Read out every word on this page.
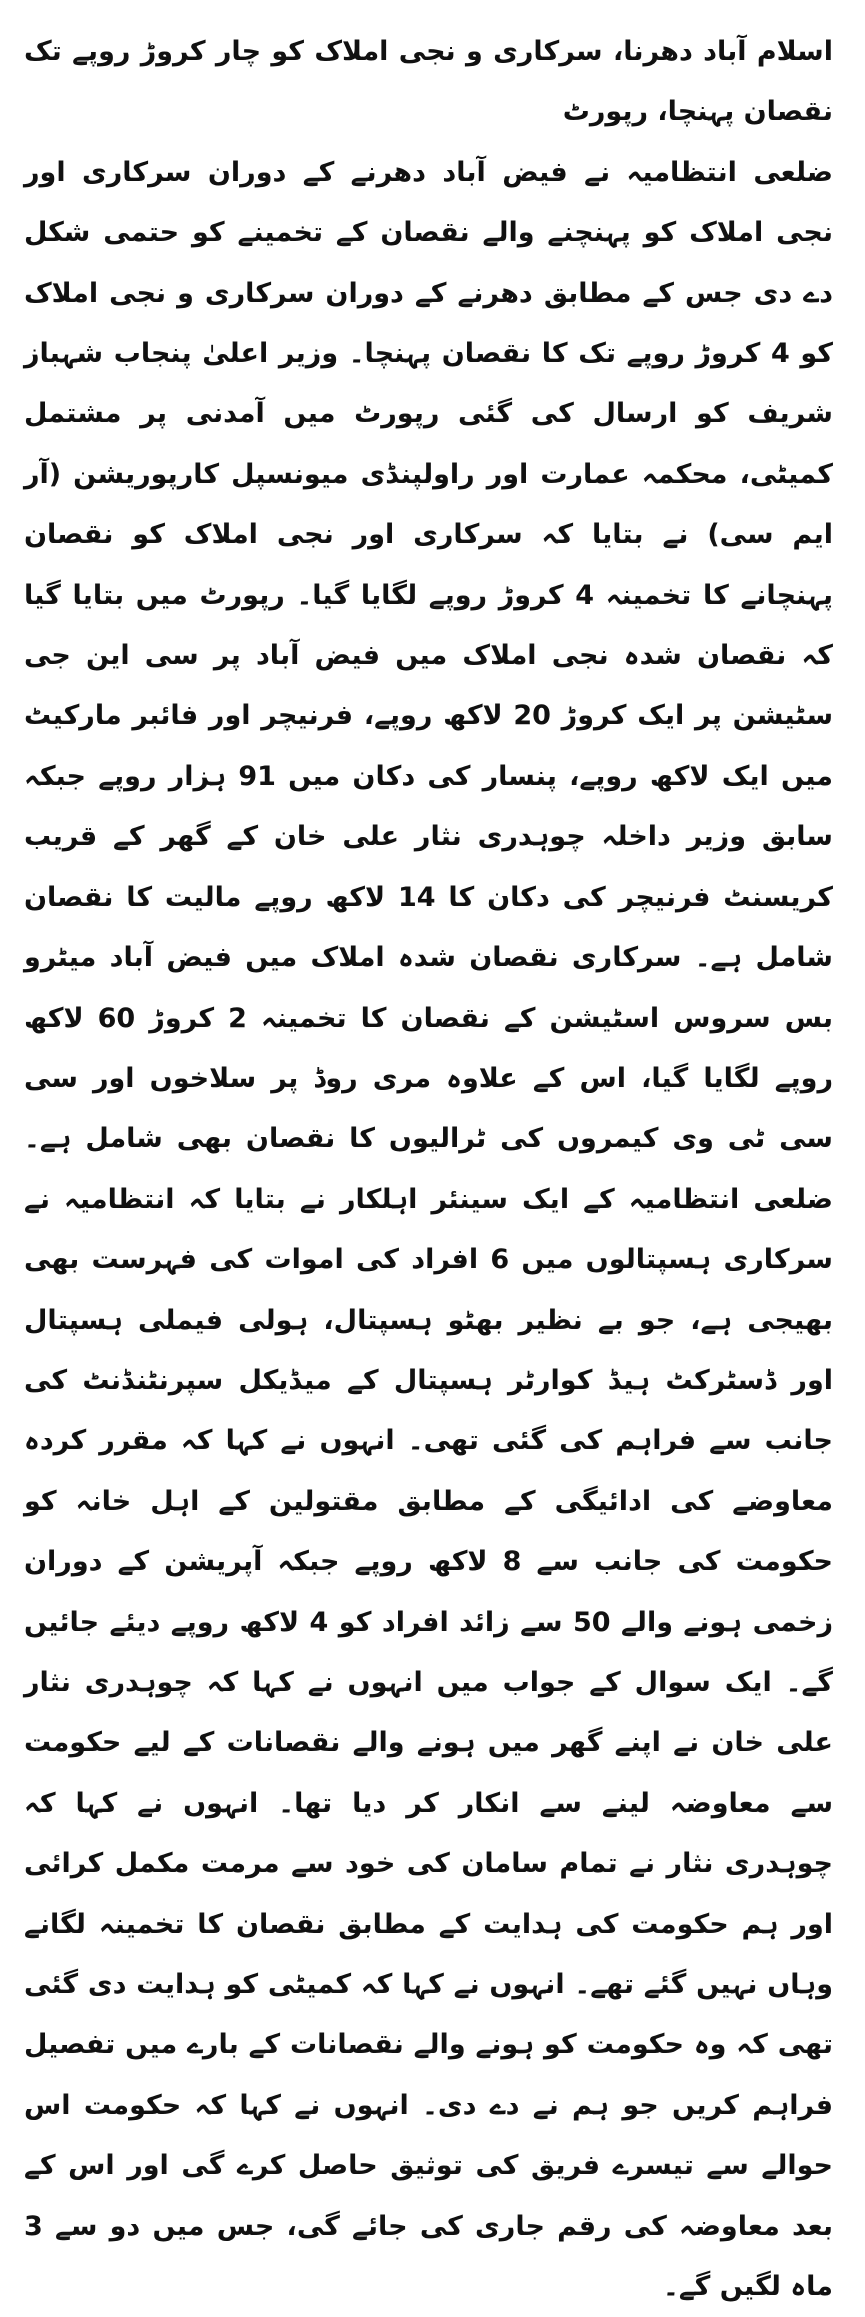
اسلام آباد دھرنا، سرکاری و نجی املاک کو چار کروڑ روپے تک نقصان پہنچا، رپورٹ
ضلعی انتظامیہ نے فیض آباد دھرنے کے دوران سرکاری اور نجی املاک کو پہنچنے والے نقصان کے تخمینے کو حتمی شکل دے دی جس کے مطابق دھرنے کے دوران سرکاری و نجی املاک کو 4 کروڑ روپے تک کا نقصان پہنچا۔ وزیر اعلیٰ پنجاب شہباز شریف کو ارسال کی گئی رپورٹ میں آمدنی پر مشتمل کمیٹی، محکمہ عمارت اور راولپنڈی میونسپل کارپوریشن (آر ایم سی) نے بتایا کہ سرکاری اور نجی املاک کو نقصان پہنچانے کا تخمینہ 4 کروڑ روپے لگایا گیا۔ رپورٹ میں بتایا گیا کہ نقصان شدہ نجی املاک میں فیض آباد پر سی این جی سٹیشن پر ایک کروڑ 20 لاکھ روپے، فرنیچر اور فائبر مارکیٹ میں ایک لاکھ روپے، پنسار کی دکان میں 91 ہزار روپے جبکہ سابق وزیر داخلہ چوہدری نثار علی خان کے گھر کے قریب کریسنٹ فرنیچر کی دکان کا 14 لاکھ روپے مالیت کا نقصان شامل ہے۔ سرکاری نقصان شدہ املاک میں فیض آباد میٹرو بس سروس اسٹیشن کے نقصان کا تخمینہ 2 کروڑ 60 لاکھ روپے لگایا گیا، اس کے علاوہ مری روڈ پر سلاخوں اور سی سی ٹی وی کیمروں کی ٹرالیوں کا نقصان بھی شامل ہے۔ ضلعی انتظامیہ کے ایک سینئر اہلکار نے بتایا کہ انتظامیہ نے سرکاری ہسپتالوں میں 6 افراد کی اموات کی فہرست بھی بھیجی ہے، جو بے نظیر بھٹو ہسپتال، ہولی فیملی ہسپتال اور ڈسٹرکٹ ہیڈ کوارٹر ہسپتال کے میڈیکل سپرنٹنڈنٹ کی جانب سے فراہم کی گئی تھی۔ انہوں نے کہا کہ مقرر کردہ معاوضے کی ادائیگی کے مطابق مقتولین کے اہل خانہ کو حکومت کی جانب سے 8 لاکھ روپے جبکہ آپریشن کے دوران زخمی ہونے والے 50 سے زائد افراد کو 4 لاکھ روپے دیئے جائیں گے۔ ایک سوال کے جواب میں انہوں نے کہا کہ چوہدری نثار علی خان نے اپنے گھر میں ہونے والے نقصانات کے لیے حکومت سے معاوضہ لینے سے انکار کر دیا تھا۔ انہوں نے کہا کہ چوہدری نثار نے تمام سامان کی خود سے مرمت مکمل کرائی اور ہم حکومت کی ہدایت کے مطابق نقصان کا تخمینہ لگانے وہاں نہیں گئے تھے۔ انہوں نے کہا کہ کمیٹی کو ہدایت دی گئی تھی کہ وہ حکومت کو ہونے والے نقصانات کے بارے میں تفصیل فراہم کریں جو ہم نے دے دی۔ انہوں نے کہا کہ حکومت اس حوالے سے تیسرے فریق کی توثیق حاصل کرے گی اور اس کے بعد معاوضہ کی رقم جاری کی جائے گی، جس میں دو سے 3 ماہ لگیں گے۔
